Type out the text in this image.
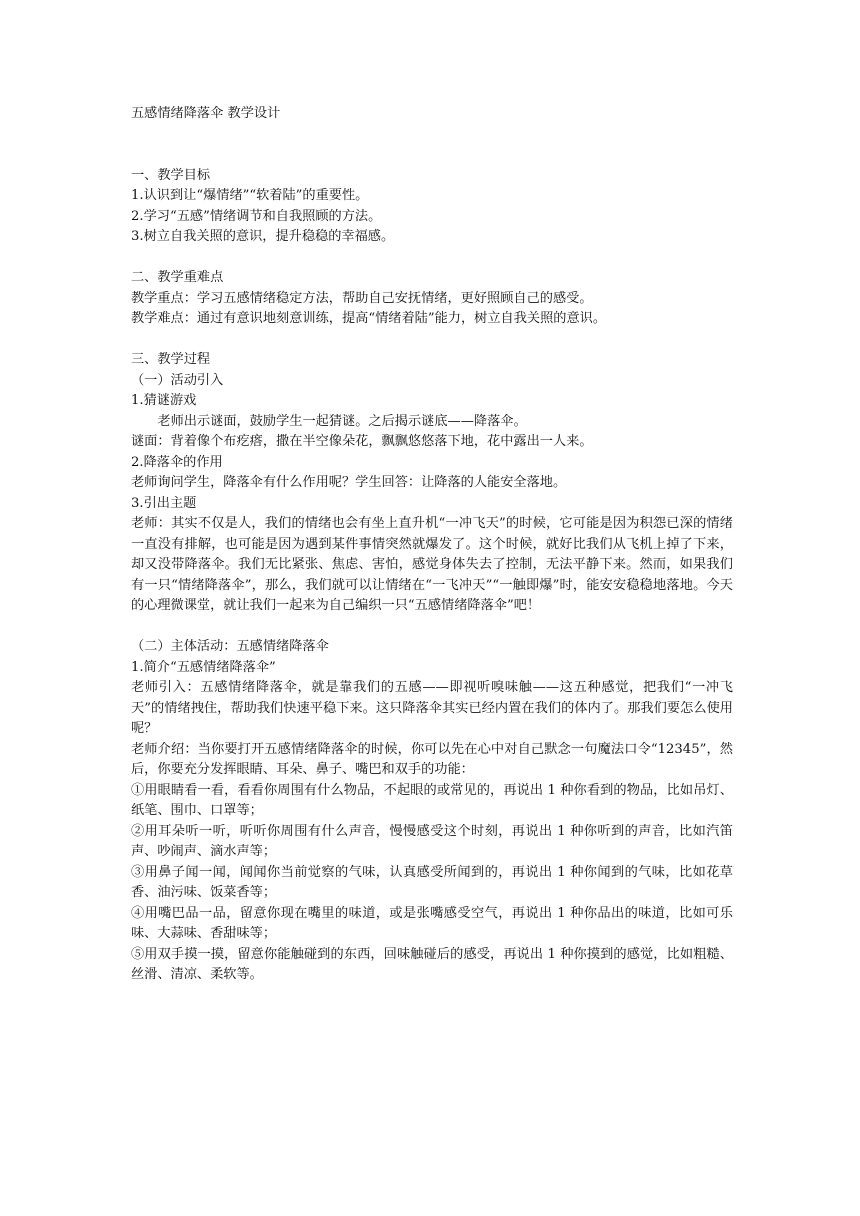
五感情绪降落伞 教学设计
一、教学目标
1.认识到让“爆情绪”“软着陆”的重要性。
2.学习“五感”情绪调节和自我照顾的方法。
3.树立自我关照的意识，提升稳稳的幸福感。
二、教学重难点
教学重点：学习五感情绪稳定方法，帮助自己安抚情绪，更好照顾自己的感受。
教学难点：通过有意识地刻意训练，提高“情绪着陆”能力，树立自我关照的意识。
三、教学过程
（一）活动引入
1.猜谜游戏
老师出示谜面，鼓励学生一起猜谜。之后揭示谜底——降落伞。
谜面：背着像个布疙瘩，撒在半空像朵花，飘飘悠悠落下地，花中露出一人来。
2.降落伞的作用
老师询问学生，降落伞有什么作用呢？学生回答：让降落的人能安全落地。
3.引出主题
老师：其实不仅是人，我们的情绪也会有坐上直升机“一冲飞天”的时候，它可能是因为积怨已深的情绪一直没有排解，也可能是因为遇到某件事情突然就爆发了。这个时候，就好比我们从飞机上掉了下来，却又没带降落伞。我们无比紧张、焦虑、害怕，感觉身体失去了控制，无法平静下来。然而，如果我们有一只“情绪降落伞”，那么，我们就可以让情绪在“一飞冲天”“一触即爆”时，能安安稳稳地落地。今天的心理微课堂，就让我们一起来为自己编织一只“五感情绪降落伞”吧！
（二）主体活动：五感情绪降落伞
1.简介“五感情绪降落伞”
老师引入：五感情绪降落伞，就是靠我们的五感——即视听嗅味触——这五种感觉，把我们“一冲飞天”的情绪拽住，帮助我们快速平稳下来。这只降落伞其实已经内置在我们的体内了。那我们要怎么使用呢？
老师介绍：当你要打开五感情绪降落伞的时候，你可以先在心中对自己默念一句魔法口令“12345”，然后，你要充分发挥眼睛、耳朵、鼻子、嘴巴和双手的功能：
①用眼睛看一看，看看你周围有什么物品，不起眼的或常见的，再说出 1 种你看到的物品，比如吊灯、纸笔、围巾、口罩等；
②用耳朵听一听，听听你周围有什么声音，慢慢感受这个时刻，再说出 1 种你听到的声音，比如汽笛声、吵闹声、滴水声等；
③用鼻子闻一闻，闻闻你当前觉察的气味，认真感受所闻到的，再说出 1 种你闻到的气味，比如花草香、油污味、饭菜香等；
④用嘴巴品一品，留意你现在嘴里的味道，或是张嘴感受空气，再说出 1 种你品出的味道，比如可乐味、大蒜味、香甜味等；
⑤用双手摸一摸，留意你能触碰到的东西，回味触碰后的感受，再说出 1 种你摸到的感觉，比如粗糙、丝滑、清凉、柔软等。
